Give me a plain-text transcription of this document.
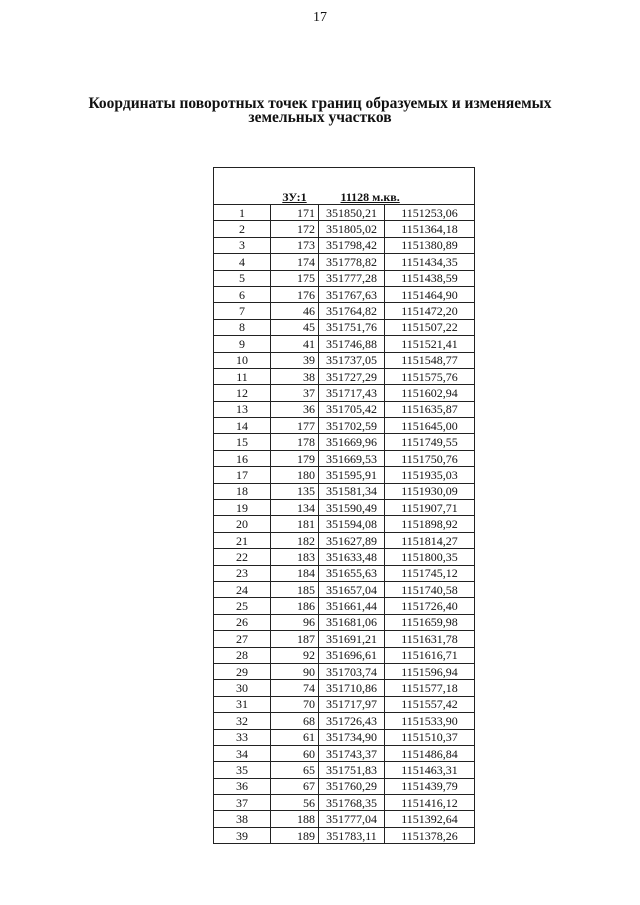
17
Координаты поворотных точек границ образуемых и изменяемых
земельных участков

	ЗУ:1	11128 м.кв.	
1	171	351850,21	1151253,06
2	172	351805,02	1151364,18
3	173	351798,42	1151380,89
4	174	351778,82	1151434,35
5	175	351777,28	1151438,59
6	176	351767,63	1151464,90
7	46	351764,82	1151472,20
8	45	351751,76	1151507,22
9	41	351746,88	1151521,41
10	39	351737,05	1151548,77
11	38	351727,29	1151575,76
12	37	351717,43	1151602,94
13	36	351705,42	1151635,87
14	177	351702,59	1151645,00
15	178	351669,96	1151749,55
16	179	351669,53	1151750,76
17	180	351595,91	1151935,03
18	135	351581,34	1151930,09
19	134	351590,49	1151907,71
20	181	351594,08	1151898,92
21	182	351627,89	1151814,27
22	183	351633,48	1151800,35
23	184	351655,63	1151745,12
24	185	351657,04	1151740,58
25	186	351661,44	1151726,40
26	96	351681,06	1151659,98
27	187	351691,21	1151631,78
28	92	351696,61	1151616,71
29	90	351703,74	1151596,94
30	74	351710,86	1151577,18
31	70	351717,97	1151557,42
32	68	351726,43	1151533,90
33	61	351734,90	1151510,37
34	60	351743,37	1151486,84
35	65	351751,83	1151463,31
36	67	351760,29	1151439,79
37	56	351768,35	1151416,12
38	188	351777,04	1151392,64
39	189	351783,11	1151378,26
